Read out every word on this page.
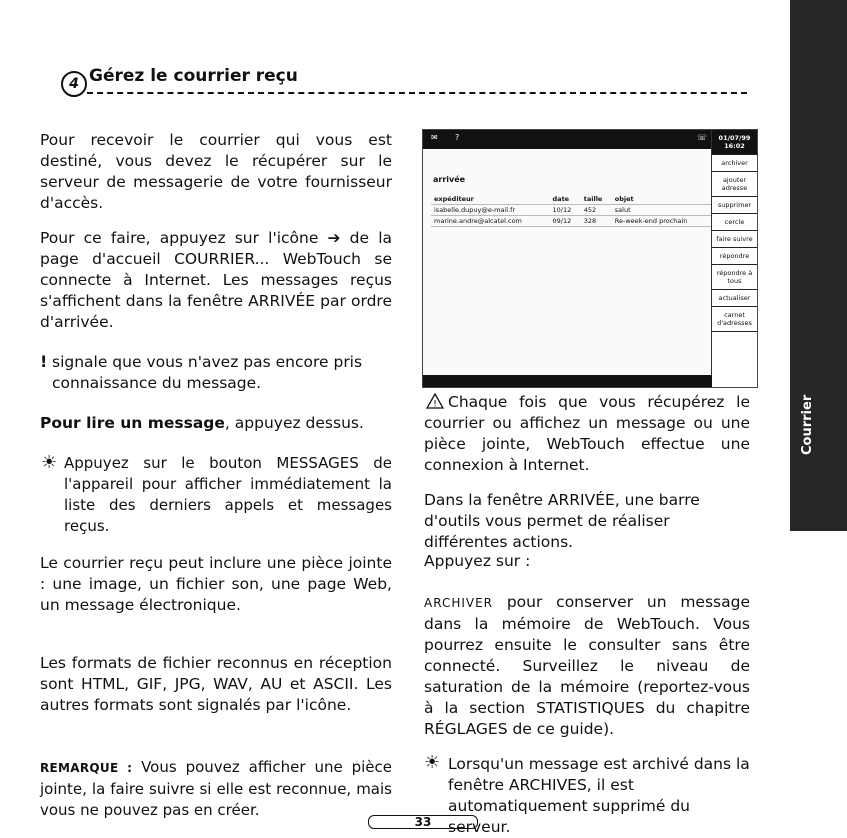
Courrier
4 Gérez le courrier reçu
Pour recevoir le courrier qui vous est destiné, vous devez le récupérer sur le serveur de messagerie de votre fournisseur d'accès.
Pour ce faire, appuyez sur l'icône ➔ de la page d'accueil COURRIER... WebTouch se connecte à Internet. Les messages reçus s'affichent dans la fenêtre ARRIVÉE par ordre d'arrivée.
! signale que vous n'avez pas encore pris connaissance du message.
Pour lire un message, appuyez dessus.
☀ Appuyez sur le bouton MESSAGES de l'appareil pour afficher immédiatement la liste des derniers appels et messages reçus.
Le courrier reçu peut inclure une pièce jointe : une image, un fichier son, une page Web, un message électronique.
Les formats de fichier reconnus en réception sont HTML, GIF, JPG, WAV, AU et ASCII. Les autres formats sont signalés par l'icône.
REMARQUE : Vous pouvez afficher une pièce jointe, la faire suivre si elle est reconnue, mais vous ne pouvez pas en créer.
✉ ?	☏
arrivée
expéditeur	date	taille	objet
isabelle.dupuy@e-mail.fr	10/12	452	salut
marine.andre@alcatel.com	09/12	328	Re-week-end prochain
01/07/99
16:02
archiver
ajouter adresse
supprimer
cercle
faire suivre
répondre
répondre à tous
actualiser
carnet d'adresses
! Chaque fois que vous récupérez le courrier ou affichez un message ou une pièce jointe, WebTouch effectue une connexion à Internet.
Dans la fenêtre ARRIVÉE, une barre d'outils vous permet de réaliser différentes actions.
Appuyez sur :
ARCHIVER pour conserver un message dans la mémoire de WebTouch. Vous pourrez ensuite le consulter sans être connecté. Surveillez le niveau de saturation de la mémoire (reportez-vous à la section STATISTIQUES du chapitre RÉGLAGES de ce guide).
☀ Lorsqu'un message est archivé dans la fenêtre ARCHIVES, il est automatiquement supprimé du serveur.
33
